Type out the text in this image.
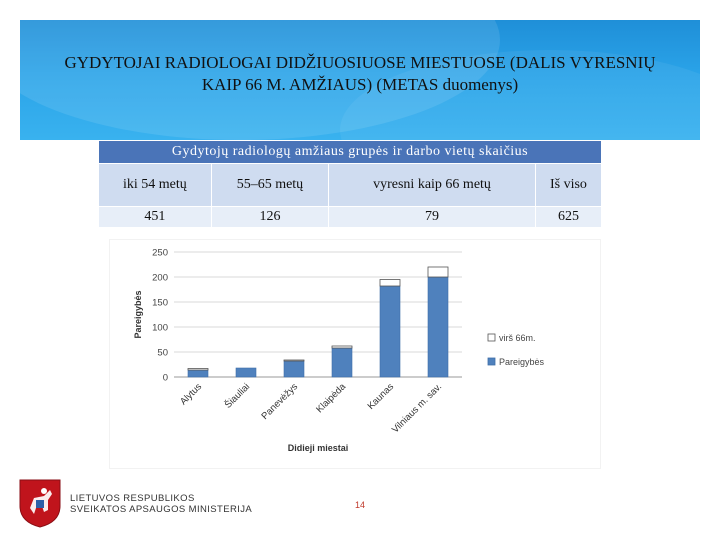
GYDYTOJAI RADIOLOGAI DIDŽIUOSIUOSE MIESTUOSE (DALIS VYRESNIŲ KAIP 66 M. AMŽIAUS) (METAS duomenys)
Gydytojų radiologų amžiaus grupės ir darbo vietų skaičius			
iki 54 metų	55–65 metų	vyresni kaip 66 metų	Iš viso
451	126	79	625
0
50
100
150
200
250
Pareigybės
Alytus Šiauliai Panevėžys Klaipėda Kaunas
Vilniaus m. sav.
Didieji miestai
virš 66m.
Pareigybės
LIETUVOS RESPUBLIKOS
SVEIKATOS APSAUGOS MINISTERIJA	14
